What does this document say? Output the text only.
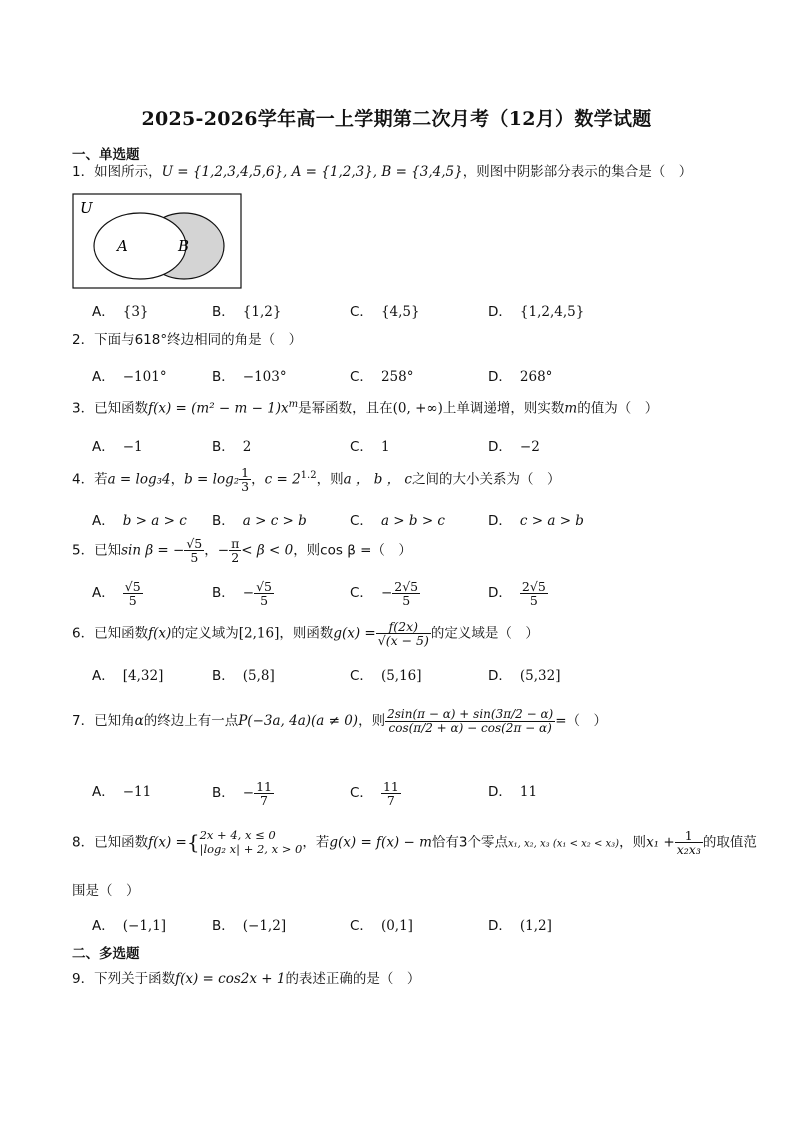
2025-2026学年高一上学期第二次月考（12月）数学试题
一、单选题
1．如图所示，U = {1,2,3,4,5,6}, A = {1,2,3}, B = {3,4,5}，则图中阴影部分表示的集合是（　）
U
A	B
A． {3}	B． {1,2}	C． {4,5}	D． {1,2,4,5}
2．下面与618°终边相同的角是（　）
A． −101°	B． −103°	C． 258°	D． 268°
3．已知函数$f(x) = (m^2 - m - 1)x^m$是幂函数，且在(0, +∞)上单调递增，则实数m的值为（　）
A． −1	B． 2	C． 1	D． −2
4．若a = log₃4，$b = \log_2 \frac{1}{3}$ ，$c = 2^{1.2}$，则a ， b ， c之间的大小关系为（　）
A． b > a > c B． a > c > b	C． a > b > c	D． c > a > b
5．已知sin β = − $\frac{√5}{5}$ ，− $\frac{\pi}{2} < \beta < 0$，则cos β =（　）
A． $\frac{√5}{5}$	B． − $\frac{√5}{5}$	C． − $\frac{2√5}{5}$	D． $\frac{2√5}{5}$
6．已知函数f(x)的定义域为[2,16]，则函数$g(x) = \frac{f(2x)}{√(x - 5)}$ 的定义域是（　）
A． [4,32]	B． (5,8]	C． (5,16]	D． (5,32]
7．已知角α的终边上有一点P(−3a, 4a)(a ≠ 0)，则 $\frac{2\sin(\pi - \alpha) + \sin(3\pi/2 - \alpha)}{\cos(\pi/2 + \alpha) - \cos(2\pi - \alpha)}$ =（　）
A． −11	B． − $\frac{11}{7}$	C． $\frac{11}{7}$	D． 11
8．已知函数f(x) ={ 2x + 4, x ≤ 0
|log₂ x| + 2, x > 0 ，若g(x) = f(x) − m恰有3个零点x₁, x₂, x₃ (x₁ < x₂ < x₃)，则$x_1 + \frac{1}{\text{x₂x₃}}$ 的取值范
围是（　）
A． (−1,1]	B． (−1,2]	C． (0,1]	D． (1,2]
二、多选题
9．下列关于函数f(x) = cos2x + 1的表述正确的是（　）
